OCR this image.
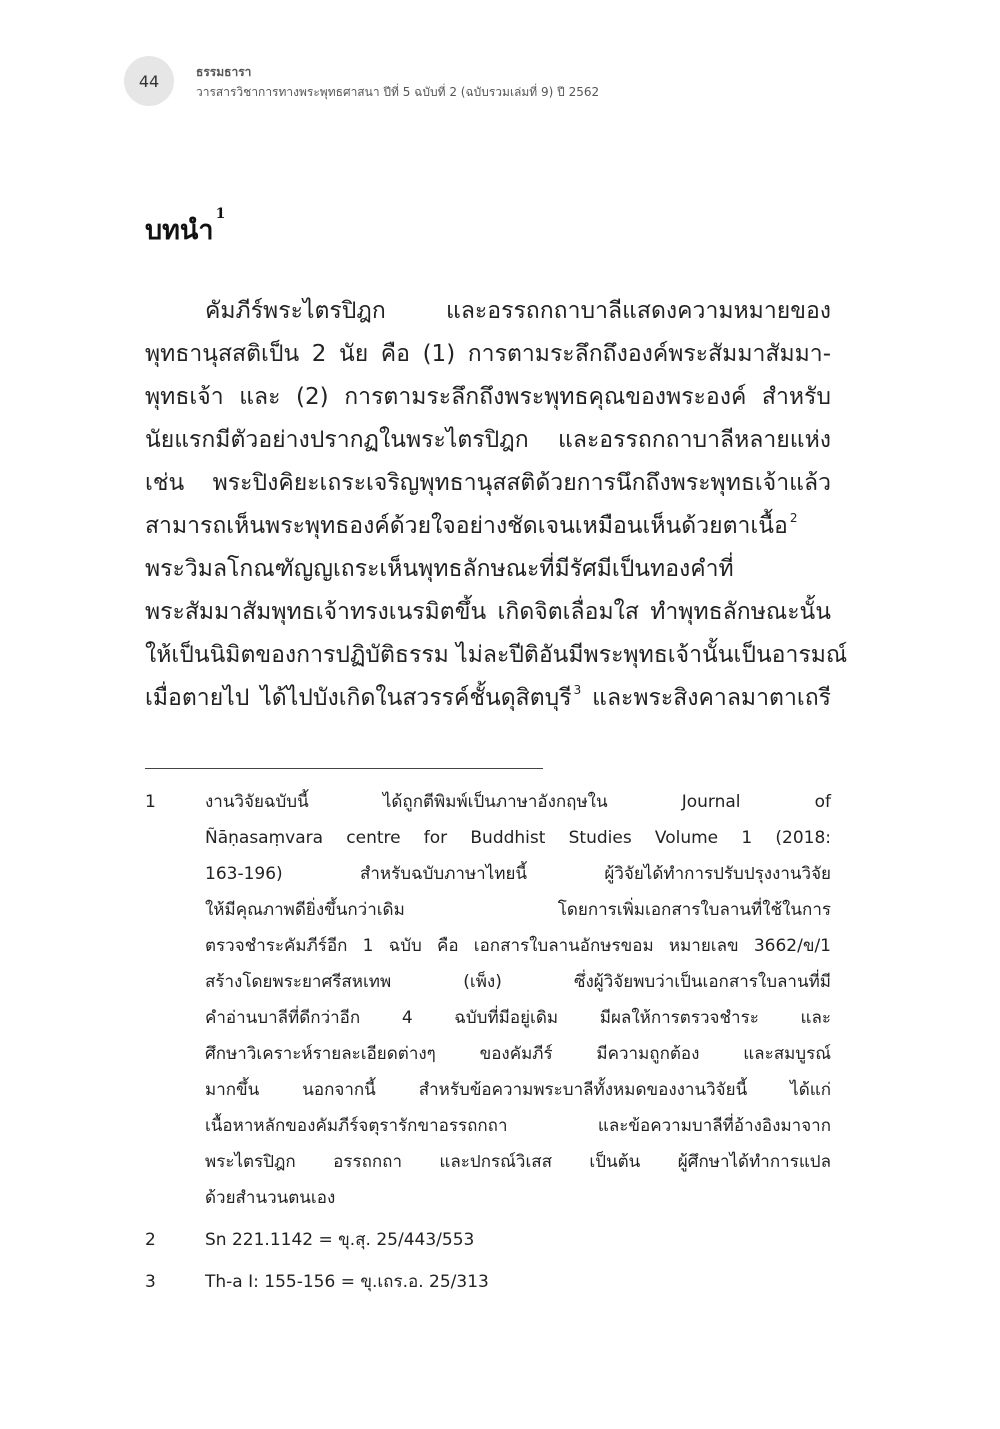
44	ธรรมธารา
วารสารวิชาการทางพระพุทธศาสนา ปีที่ 5 ฉบับที่ 2 (ฉบับรวมเล่มที่ 9) ปี 2562
บทนำ$^1$
คัมภีร์พระไตรปิฎก และอรรถกถาบาลีแสดงความหมายของ
พุทธานุสสติเป็น 2 นัย คือ (1) การตามระลึกถึงองค์พระสัมมาสัมมา-
พุทธเจ้า และ (2) การตามระลึกถึงพระพุทธคุณของพระองค์ สำหรับ
นัยแรกมีตัวอย่างปรากฏในพระไตรปิฎก และอรรถกถาบาลีหลายแห่ง
เช่น พระปิงคิยะเถระเจริญพุทธานุสสติด้วยการนึกถึงพระพุทธเจ้าแล้ว
สามารถเห็นพระพุทธองค์ด้วยใจอย่างชัดเจนเหมือนเห็นด้วยตาเนื้อ $^2$
พระวิมลโกณฑัญญเถระเห็นพุทธลักษณะที่มีรัศมีเป็นทองคำที่
พระสัมมาสัมพุทธเจ้าทรงเนรมิตขึ้น เกิดจิตเลื่อมใส ทำพุทธลักษณะนั้น
ให้เป็นนิมิตของการปฏิบัติธรรม ไม่ละปีติอันมีพระพุทธเจ้านั้นเป็นอารมณ์
เมื่อตายไป ได้ไปบังเกิดในสวรรค์ชั้นดุสิตบุรี $^3$ และพระสิงคาลมาตาเถรี
1	งานวิจัยฉบับนี้ ได้ถูกตีพิมพ์เป็นภาษาอังกฤษใน Journal of
Ñāṇasaṃvara centre for Buddhist Studies Volume 1 (2018:
163-196) สำหรับฉบับภาษาไทยนี้ ผู้วิจัยได้ทำการปรับปรุงงานวิจัย
ให้มีคุณภาพดียิ่งขึ้นกว่าเดิม โดยการเพิ่มเอกสารใบลานที่ใช้ในการ
ตรวจชำระคัมภีร์อีก 1 ฉบับ คือ เอกสารใบลานอักษรขอม หมายเลข 3662/ข/1
สร้างโดยพระยาศรีสหเทพ (เพ็ง) ซึ่งผู้วิจัยพบว่าเป็นเอกสารใบลานที่มี
คำอ่านบาลีที่ดีกว่าอีก 4 ฉบับที่มีอยู่เดิม มีผลให้การตรวจชำระ และ
ศึกษาวิเคราะห์รายละเอียดต่างๆ ของคัมภีร์ มีความถูกต้อง และสมบูรณ์
มากขึ้น นอกจากนี้ สำหรับข้อความพระบาลีทั้งหมดของงานวิจัยนี้ ได้แก่
เนื้อหาหลักของคัมภีร์จตุรารักขาอรรถกถา และข้อความบาลีที่อ้างอิงมาจาก
พระไตรปิฎก อรรถกถา และปกรณ์วิเสส เป็นต้น ผู้ศึกษาได้ทำการแปล
ด้วยสำนวนตนเอง
2	Sn 221.1142 = ขุ.สุ. 25/443/553
3	Th-a I: 155-156 = ขุ.เถร.อ. 25/313
